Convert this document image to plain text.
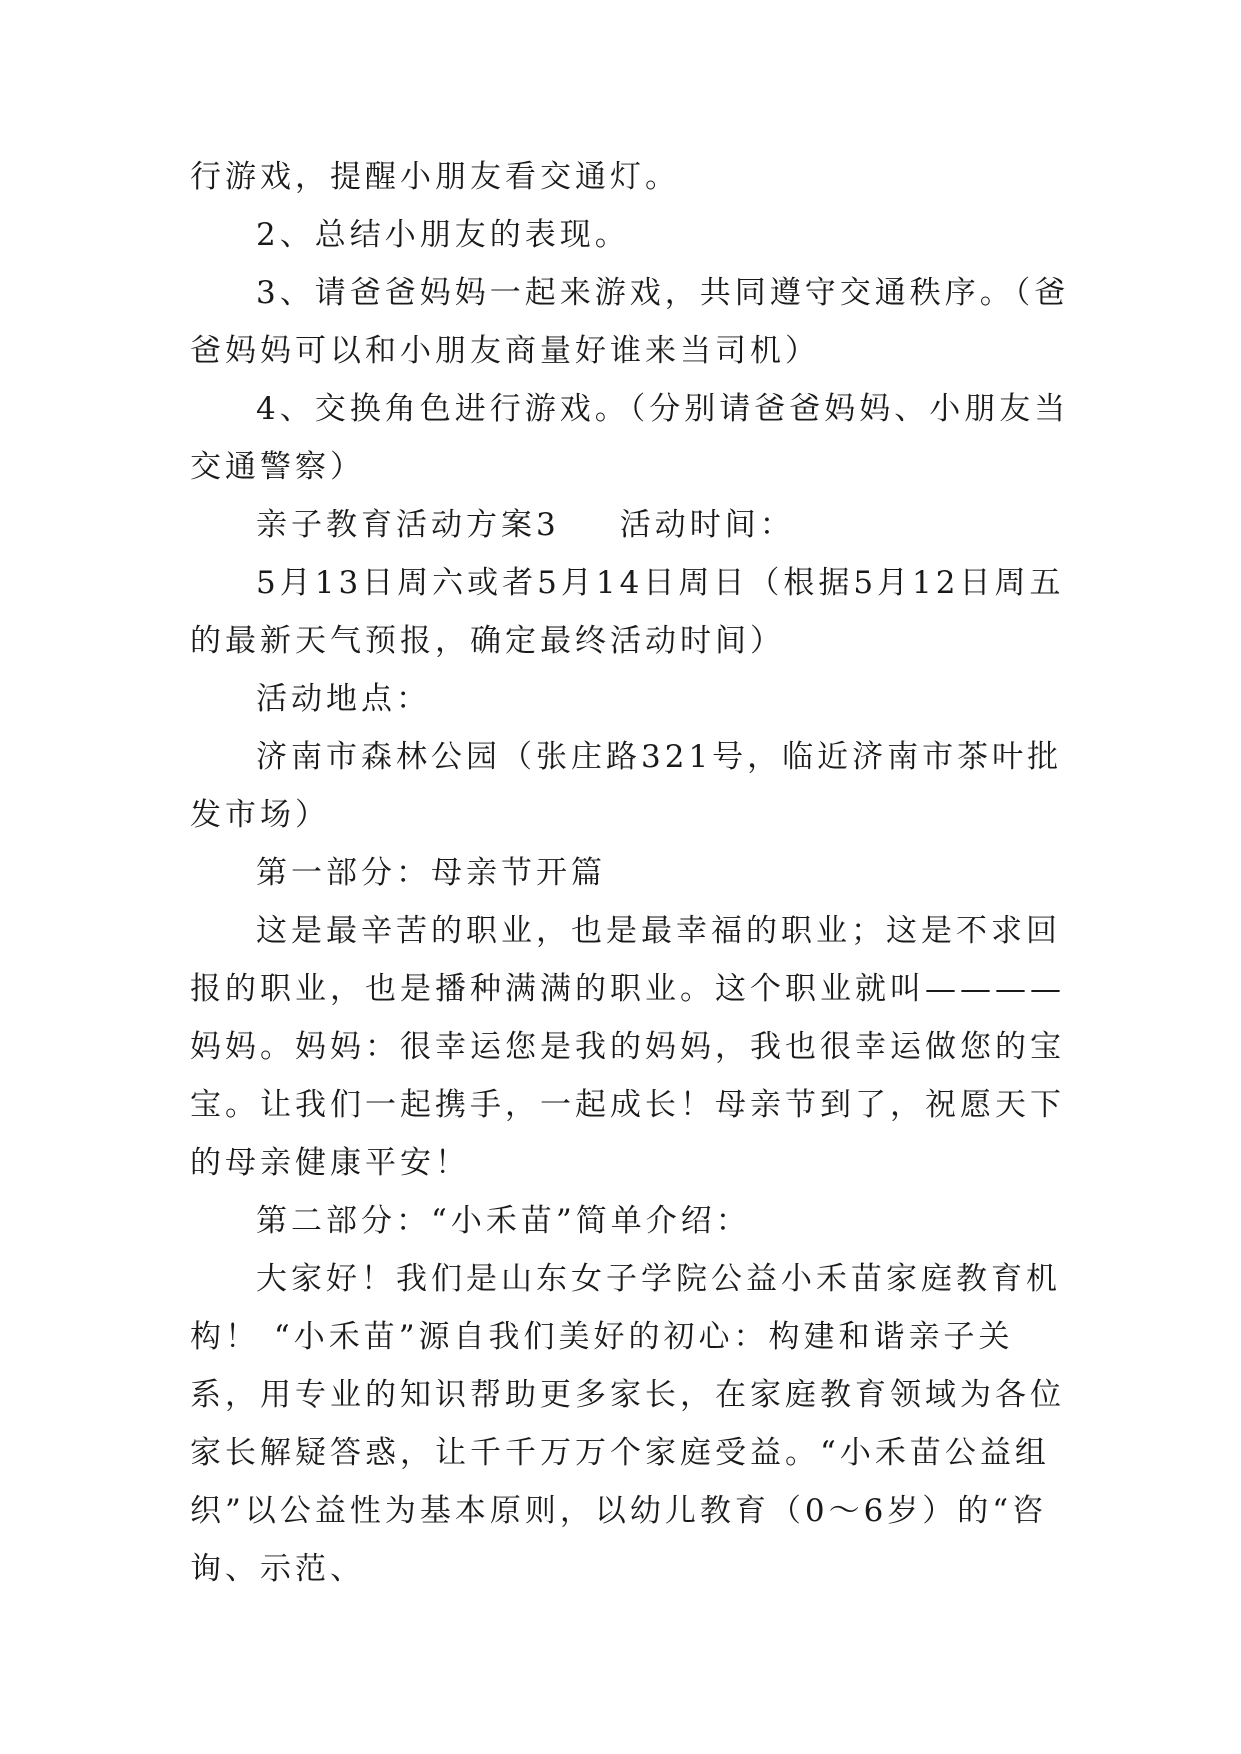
行游戏，提醒小朋友看交通灯。

2、总结小朋友的表现。

3、请爸爸妈妈一起来游戏，共同遵守交通秩序。（爸爸妈妈可以和小朋友商量好谁来当司机）

4、交换角色进行游戏。（分别请爸爸妈妈、小朋友当交通警察）

亲子教育活动方案3 活动时间：

5月13日周六或者5月14日周日（根据5月12日周五的最新天气预报，确定最终活动时间）

活动地点：

济南市森林公园（张庄路321号，临近济南市茶叶批发市场）

第一部分：母亲节开篇

这是最辛苦的职业，也是最幸福的职业；这是不求回报的职业，也是播种满满的职业。这个职业就叫————妈妈。妈妈：很幸运您是我的妈妈，我也很幸运做您的宝宝。让我们一起携手，一起成长！母亲节到了，祝愿天下的母亲健康平安！

第二部分：“小禾苗”简单介绍：

大家好！我们是山东女子学院公益小禾苗家庭教育机构！ “小禾苗”源自我们美好的初心：构建和谐亲子关系，用专业的知识帮助更多家长，在家庭教育领域为各位家长解疑答惑，让千千万万个家庭受益。“小禾苗公益组织”以公益性为基本原则，以幼儿教育（0～6岁）的“咨询、示范、
